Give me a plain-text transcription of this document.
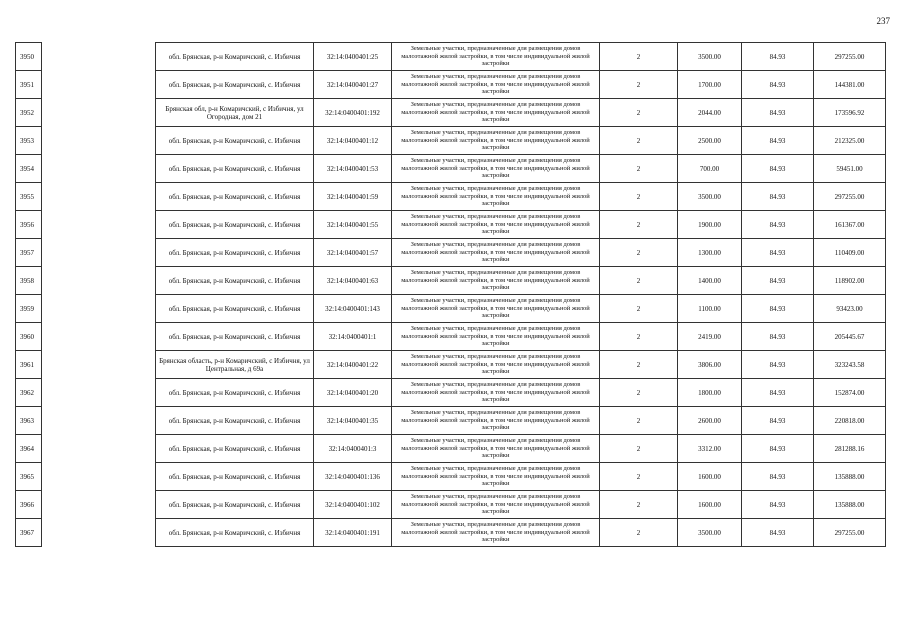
237
3950		обл. Брянская, р-н Комаричский, с. Избичня	32:14:0400401:25	Земельные участки, предназначенные для размещения домов малоэтажной жилой застройки, в том числе индивидуальной жилой застройки	2	3500.00	84.93	297255.00
3951		обл. Брянская, р-н Комаричский, с. Избичня	32:14:0400401:27	Земельные участки, предназначенные для размещения домов малоэтажной жилой застройки, в том числе индивидуальной жилой застройки	2	1700.00	84.93	144381.00
3952		Брянская обл, р-н Комаричский, с Избичня, ул Огородная, дом 21	32:14:0400401:192	Земельные участки, предназначенные для размещения домов малоэтажной жилой застройки, в том числе индивидуальной жилой застройки	2	2044.00	84.93	173596.92
3953		обл. Брянская, р-н Комаричский, с. Избичня	32:14:0400401:12	Земельные участки, предназначенные для размещения домов малоэтажной жилой застройки, в том числе индивидуальной жилой застройки	2	2500.00	84.93	212325.00
3954		обл. Брянская, р-н Комаричский, с. Избичня	32:14:0400401:53	Земельные участки, предназначенные для размещения домов малоэтажной жилой застройки, в том числе индивидуальной жилой застройки	2	700.00	84.93	59451.00
3955		обл. Брянская, р-н Комаричский, с. Избичня	32:14:0400401:59	Земельные участки, предназначенные для размещения домов малоэтажной жилой застройки, в том числе индивидуальной жилой застройки	2	3500.00	84.93	297255.00
3956		обл. Брянская, р-н Комаричский, с. Избичня	32:14:0400401:55	Земельные участки, предназначенные для размещения домов малоэтажной жилой застройки, в том числе индивидуальной жилой застройки	2	1900.00	84.93	161367.00
3957		обл. Брянская, р-н Комаричский, с. Избичня	32:14:0400401:57	Земельные участки, предназначенные для размещения домов малоэтажной жилой застройки, в том числе индивидуальной жилой застройки	2	1300.00	84.93	110409.00
3958		обл. Брянская, р-н Комаричский, с. Избичня	32:14:0400401:63	Земельные участки, предназначенные для размещения домов малоэтажной жилой застройки, в том числе индивидуальной жилой застройки	2	1400.00	84.93	118902.00
3959		обл. Брянская, р-н Комаричский, с. Избичня	32:14:0400401:143	Земельные участки, предназначенные для размещения домов малоэтажной жилой застройки, в том числе индивидуальной жилой застройки	2	1100.00	84.93	93423.00
3960		обл. Брянская, р-н Комаричский, с. Избичня	32:14:0400401:1	Земельные участки, предназначенные для размещения домов малоэтажной жилой застройки, в том числе индивидуальной жилой застройки	2	2419.00	84.93	205445.67
3961		Брянская область, р-н Комаричский, с Избичня, ул Центральная, д 69а	32:14:0400401:22	Земельные участки, предназначенные для размещения домов малоэтажной жилой застройки, в том числе индивидуальной жилой застройки	2	3806.00	84.93	323243.58
3962		обл. Брянская, р-н Комаричский, с. Избичня	32:14:0400401:20	Земельные участки, предназначенные для размещения домов малоэтажной жилой застройки, в том числе индивидуальной жилой застройки	2	1800.00	84.93	152874.00
3963		обл. Брянская, р-н Комаричский, с. Избичня	32:14:0400401:35	Земельные участки, предназначенные для размещения домов малоэтажной жилой застройки, в том числе индивидуальной жилой застройки	2	2600.00	84.93	220818.00
3964		обл. Брянская, р-н Комаричский, с. Избичня	32:14:0400401:3	Земельные участки, предназначенные для размещения домов малоэтажной жилой застройки, в том числе индивидуальной жилой застройки	2	3312.00	84.93	281288.16
3965		обл. Брянская, р-н Комаричский, с. Избичня	32:14:0400401:136	Земельные участки, предназначенные для размещения домов малоэтажной жилой застройки, в том числе индивидуальной жилой застройки	2	1600.00	84.93	135888.00
3966		обл. Брянская, р-н Комаричский, с. Избичня	32:14:0400401:102	Земельные участки, предназначенные для размещения домов малоэтажной жилой застройки, в том числе индивидуальной жилой застройки	2	1600.00	84.93	135888.00
3967		обл. Брянская, р-н Комаричский, с. Избичня	32:14:0400401:191	Земельные участки, предназначенные для размещения домов малоэтажной жилой застройки, в том числе индивидуальной жилой застройки	2	3500.00	84.93	297255.00
